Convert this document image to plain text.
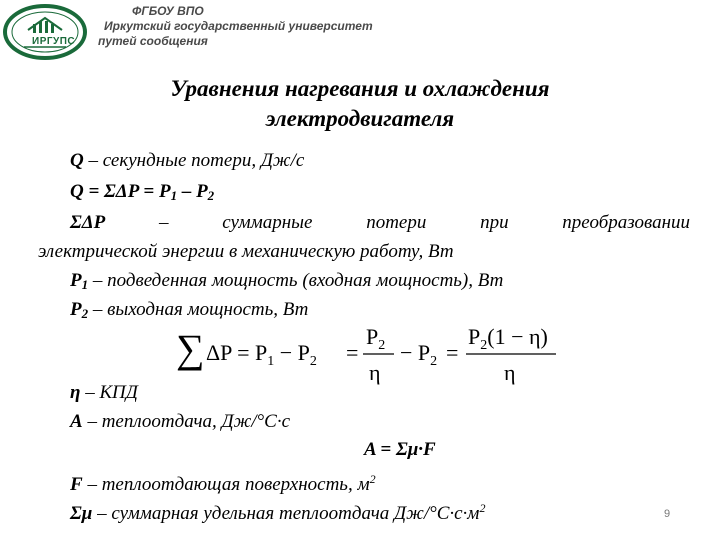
ИРГУПС
ФГБОУ ВПО
Иркутский государственный университет
путей сообщения
Уравнения нагревания и охлаждения
электродвигателя
Q – секундные потери, Дж/с
$Q = \Sigma\Delta P = P_1 - P_2$
ΣΔP	–	суммарные	потери	при	преобразовании
электрической энергии в механическую работу, Вт
$P_1$ – подведенная мощность (входная мощность), Вт
$P_2$ – выходная мощность, Вт
∑ $\Delta P = P_1 - P_2$ =
$P_2$
η
− $P_2$ =
$P_2(1 - \eta)$
η
η – КПД
A – теплоотдача, Дж/°С·с
A = Σμ·F
F – теплоотдающая поверхность, $м^2$
Σμ – суммарная удельная теплоотдача $Дж/^\circ С\cdot с\cdot м^2$	9
